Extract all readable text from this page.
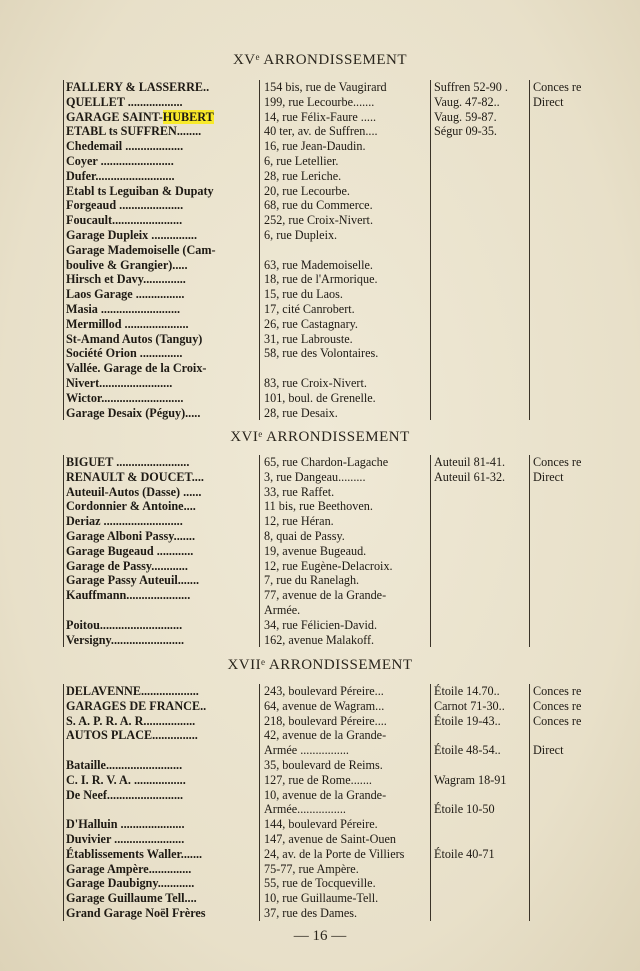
XVᵉ ARRONDISSEMENT
FALLERY & LASSERRE..	154 bis, rue de Vaugirard	Suffren 52-90 .	Conces re
QUELLET ..................	199, rue Lecourbe.......	Vaug. 47-82..	Direct
GARAGE SAINT-HUBERT	14, rue Félix-Faure .....	Vaug. 59-87.
ETABL ts SUFFREN........	40 ter, av. de Suffren....	Ségur 09-35.
Chedemail ...................	16, rue Jean-Daudin.
Coyer ........................	6, rue Letellier.
Dufer..........................	28, rue Leriche.
Etabl ts Leguiban & Dupaty	20, rue Lecourbe.
Forgeaud .....................	68, rue du Commerce.
Foucault.......................	252, rue Croix-Nivert.
Garage Dupleix ...............	6, rue Dupleix.
Garage Mademoiselle (Cam-
boulive & Grangier).....	63, rue Mademoiselle.
Hirsch et Davy..............	18, rue de l'Armorique.
Laos Garage ................	15, rue du Laos.
Masia ..........................	17, cité Canrobert.
Mermillod .....................	26, rue Castagnary.
St-Amand Autos (Tanguy)	31, rue Labrouste.
Société Orion ..............	58, rue des Volontaires.
Vallée. Garage de la Croix-
Nivert........................	83, rue Croix-Nivert.
Wictor...........................	101, boul. de Grenelle.
Garage Desaix (Péguy).....	28, rue Desaix.
XVIᵉ ARRONDISSEMENT
BIGUET ........................	65, rue Chardon-Lagache	Auteuil 81-41.	Conces re
RENAULT & DOUCET....	3, rue Dangeau.........	Auteuil 61-32.	Direct
Auteuil-Autos (Dasse) ......	33, rue Raffet.
Cordonnier & Antoine....	11 bis, rue Beethoven.
Deriaz ..........................	12, rue Héran.
Garage Alboni Passy.......	8, quai de Passy.
Garage Bugeaud ............	19, avenue Bugeaud.
Garage de Passy............	12, rue Eugène-Delacroix.
Garage Passy Auteuil.......	7, rue du Ranelagh.
Kauffmann.....................	77, avenue de la Grande-
Armée.
Poitou...........................	34, rue Félicien-David.
Versigny........................	162, avenue Malakoff.
XVIIᵉ ARRONDISSEMENT
DELAVENNE...................	243, boulevard Péreire...	Étoile 14.70..	Conces re
GARAGES DE FRANCE..	64, avenue de Wagram...	Carnot 71-30..	Conces re
S. A. P. R. A. R.................	218, boulevard Péreire....	Étoile 19-43..	Conces re
AUTOS PLACE...............	42, avenue de la Grande-
Armée ................	Étoile 48-54..	Direct
Bataille.........................	35, boulevard de Reims.
C. I. R. V. A. .................	127, rue de Rome.......	Wagram 18-91
De Neef.........................	10, avenue de la Grande-
Armée................	Étoile 10-50
D'Halluin .....................	144, boulevard Péreire.
Duvivier .......................	147, avenue de Saint-Ouen
Établissements Waller.......	24, av. de la Porte de Villiers	Étoile 40-71
Garage Ampère..............	75-77, rue Ampère.
Garage Daubigny............	55, rue de Tocqueville.
Garage Guillaume Tell....	10, rue Guillaume-Tell.
Grand Garage Noël Frères	37, rue des Dames.
— 16 —
